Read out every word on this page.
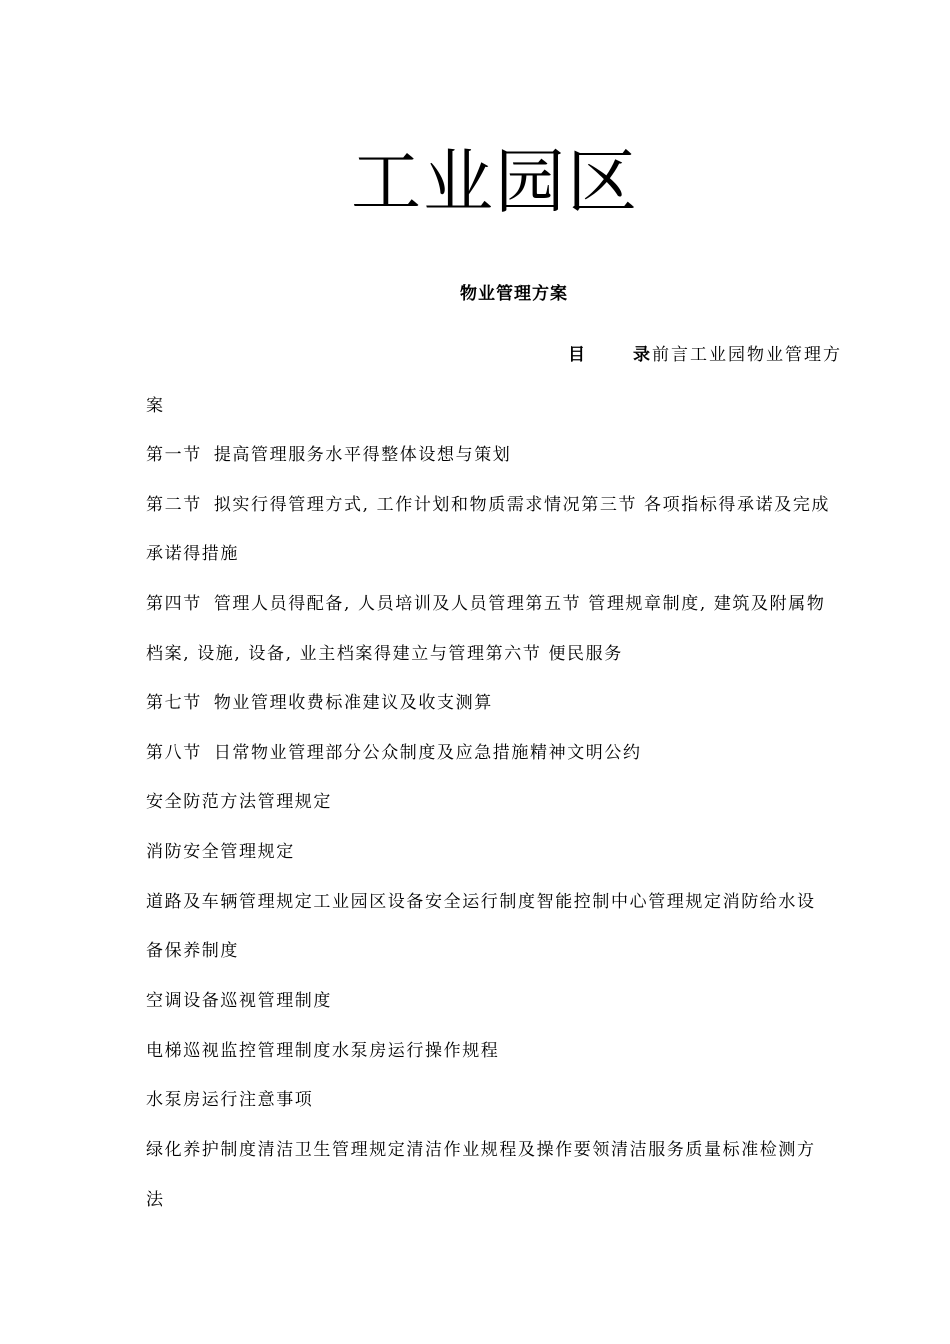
工业园区
物业管理方案

目	录前言工业园物业管理方

案

第一节 提高管理服务水平得整体设想与策划

第二节 拟实行得管理方式, 工作计划和物质需求情况第三节 各项指标得承诺及完成

承诺得措施

第四节 管理人员得配备, 人员培训及人员管理第五节 管理规章制度, 建筑及附属物

档案, 设施, 设备, 业主档案得建立与管理第六节 便民服务

第七节 物业管理收费标准建议及收支测算

第八节 日常物业管理部分公众制度及应急措施精神文明公约

安全防范方法管理规定

消防安全管理规定

道路及车辆管理规定工业园区设备安全运行制度智能控制中心管理规定消防给水设

备保养制度

空调设备巡视管理制度

电梯巡视监控管理制度水泵房运行操作规程

水泵房运行注意事项

绿化养护制度清洁卫生管理规定清洁作业规程及操作要领清洁服务质量标准检测方

法
